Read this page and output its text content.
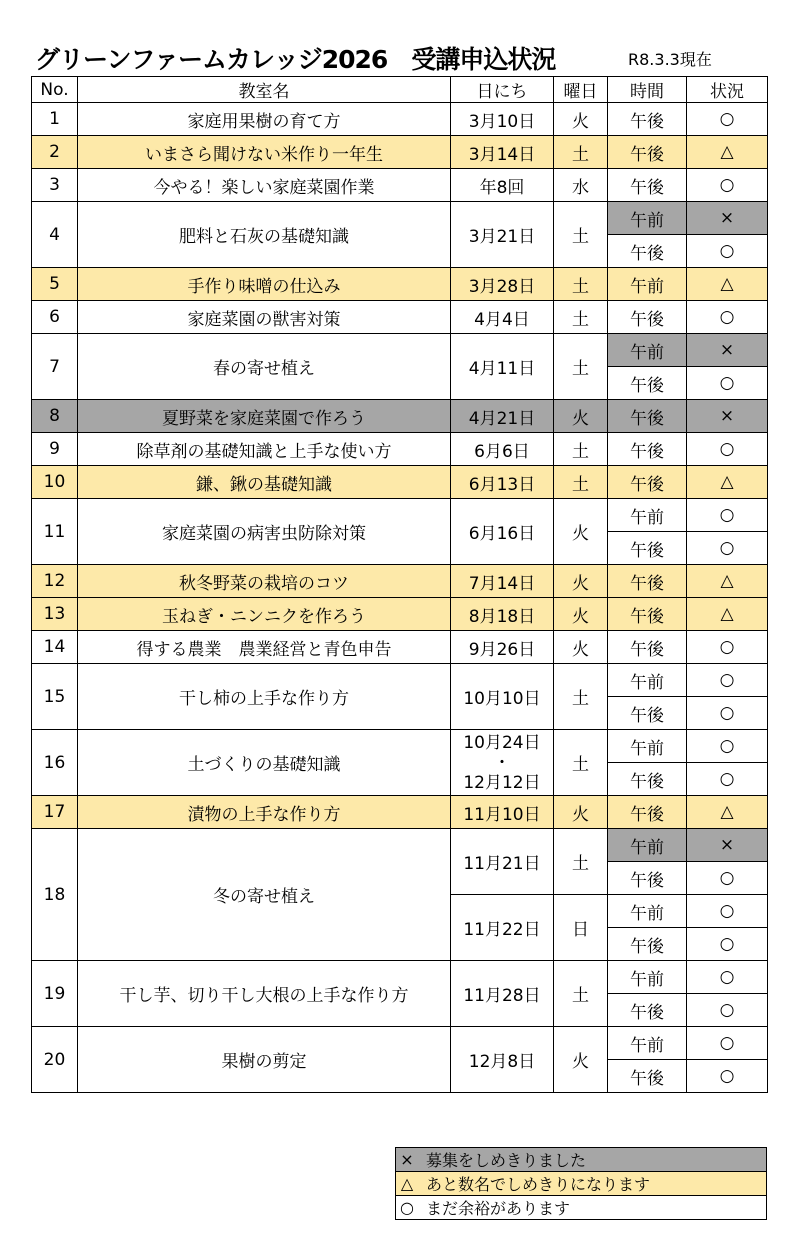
グリーンファームカレッジ2026　受講申込状況	R8.3.3現在
No.	教室名	日にち	曜日	時間	状況
1	家庭用果樹の育て方	3月10日	火	午後	○
2	いまさら聞けない米作り一年生	3月14日	土	午後	△
3	今やる！楽しい家庭菜園作業	年8回	水	午後	○
4	肥料と石灰の基礎知識	3月21日	土	午前	×
				午後	○
5	手作り味噌の仕込み	3月28日	土	午前	△
6	家庭菜園の獣害対策	4月4日	土	午後	○
7	春の寄せ植え	4月11日	土	午前	×
				午後	○
8	夏野菜を家庭菜園で作ろう	4月21日	火	午後	×
9	除草剤の基礎知識と上手な使い方	6月6日	土	午後	○
10	鎌、鍬の基礎知識	6月13日	土	午後	△
11	家庭菜園の病害虫防除対策	6月16日	火	午前	○
				午後	○
12	秋冬野菜の栽培のコツ	7月14日	火	午後	△
13	玉ねぎ・ニンニクを作ろう	8月18日	火	午後	△
14	得する農業　農業経営と青色申告	9月26日	火	午後	○
15	干し柿の上手な作り方	10月10日	土	午前	○
				午後	○
16	土づくりの基礎知識	10月24日
・
12月12日	土	午前	○
				午後	○
17	漬物の上手な作り方	11月10日	火	午後	△
18	冬の寄せ植え	11月21日	土	午前	×
				午後	○
		11月22日	日	午前	○
				午後	○
19	干し芋、切り干し大根の上手な作り方	11月28日	土	午前	○
				午後	○
20	果樹の剪定	12月8日	火	午前	○
				午後	○
×	募集をしめきりました
△	あと数名でしめきりになります
○	まだ余裕があります
